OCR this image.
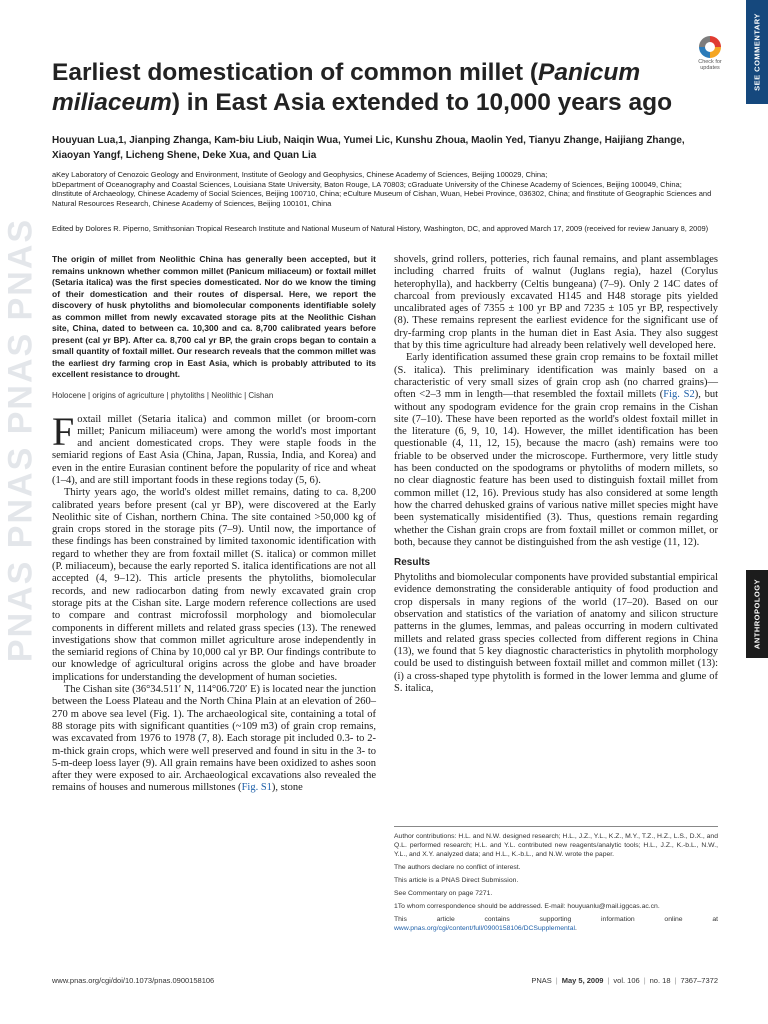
PNAS PNAS PNAS PNAS
SEE COMMENTARY
ANTHROPOLOGY
Check for
updates
Earliest domestication of common millet (Panicum miliaceum) in East Asia extended to 10,000 years ago
Houyuan Lua,1, Jianping Zhanga, Kam-biu Liub, Naiqin Wua, Yumei Lic, Kunshu Zhoua, Maolin Yed, Tianyu Zhange, Haijiang Zhange, Xiaoyan Yangf, Licheng Shene, Deke Xua, and Quan Lia
aKey Laboratory of Cenozoic Geology and Environment, Institute of Geology and Geophysics, Chinese Academy of Sciences, Beijing 100029, China;
bDepartment of Oceanography and Coastal Sciences, Louisiana State University, Baton Rouge, LA 70803; cGraduate University of the Chinese Academy of Sciences, Beijing 100049, China; dInstitute of Archaeology, Chinese Academy of Social Sciences, Beijing 100710, China; eCulture Museum of Cishan, Wuan, Hebei Province, 036302, China; and fInstitute of Geographic Sciences and Natural Resources Research, Chinese Academy of Sciences, Beijing 100101, China
Edited by Dolores R. Piperno, Smithsonian Tropical Research Institute and National Museum of Natural History, Washington, DC, and approved March 17, 2009 (received for review January 8, 2009)

The origin of millet from Neolithic China has generally been accepted, but it remains unknown whether common millet (Panicum miliaceum) or foxtail millet (Setaria italica) was the first species domesticated. Nor do we know the timing of their domestication and their routes of dispersal. Here, we report the discovery of husk phytoliths and biomolecular components identifiable solely as common millet from newly excavated storage pits at the Neolithic Cishan site, China, dated to between ca. 10,300 and ca. 8,700 calibrated years before present (cal yr BP). After ca. 8,700 cal yr BP, the grain crops began to contain a small quantity of foxtail millet. Our research reveals that the common millet was the earliest dry farming crop in East Asia, which is probably attributed to its excellent resistance to drought.

Holocene | origins of agriculture | phytoliths | Neolithic | Cishan

Foxtail millet (Setaria italica) and common millet (or broom-corn millet; Panicum miliaceum) were among the world's most important and ancient domesticated crops. They were staple foods in the semiarid regions of East Asia (China, Japan, Russia, India, and Korea) and even in the entire Eurasian continent before the popularity of rice and wheat (1–4), and are still important foods in these regions today (5, 6).

Thirty years ago, the world's oldest millet remains, dating to ca. 8,200 calibrated years before present (cal yr BP), were discovered at the Early Neolithic site of Cishan, northern China. The site contained >50,000 kg of grain crops stored in the storage pits (7–9). Until now, the importance of these findings has been constrained by limited taxonomic identification with regard to whether they are from foxtail millet (S. italica) or common millet (P. miliaceum), because the early reported S. italica identifications are not all accepted (4, 9–12). This article presents the phytoliths, biomolecular records, and new radiocarbon dating from newly excavated grain crop storage pits at the Cishan site. Large modern reference collections are used to compare and contrast microfossil morphology and biomolecular components in different millets and related grass species (13). The renewed investigations show that common millet agriculture arose independently in the semiarid regions of China by 10,000 cal yr BP. Our findings contribute to our knowledge of agricultural origins across the globe and have broader implications for understanding the development of human societies.

The Cishan site (36°34.511′ N, 114°06.720′ E) is located near the junction between the Loess Plateau and the North China Plain at an elevation of 260–270 m above sea level (Fig. 1). The archaeological site, containing a total of 88 storage pits with significant quantities (~109 m3) of grain crop remains, was excavated from 1976 to 1978 (7, 8). Each storage pit included 0.3- to 2-m-thick grain crops, which were well preserved and found in situ in the 3- to 5-m-deep loess layer (9). All grain remains have been oxidized to ashes soon after they were exposed to air. Archaeological excavations also revealed the remains of houses and numerous millstones (Fig. S1), stone

shovels, grind rollers, potteries, rich faunal remains, and plant assemblages including charred fruits of walnut (Juglans regia), hazel (Corylus heterophylla), and hackberry (Celtis bungeana) (7–9). Only 2 14C dates of charcoal from previously excavated H145 and H48 storage pits yielded uncalibrated ages of 7355 ± 100 yr BP and 7235 ± 105 yr BP, respectively (8). These remains represent the earliest evidence for the significant use of dry-farming crop plants in the human diet in East Asia. They also suggest that by this time agriculture had already been relatively well developed here.

Early identification assumed these grain crop remains to be foxtail millet (S. italica). This preliminary identification was mainly based on a characteristic of very small sizes of grain crop ash (no charred grains)—often <2–3 mm in length—that resembled the foxtail millets (Fig. S2), but without any spodogram evidence for the grain crop remains in the Cishan site (7–10). These have been reported as the world's oldest foxtail millet in the literature (6, 9, 10, 14). However, the millet identification has been questionable (4, 11, 12, 15), because the macro (ash) remains were too friable to be observed under the microscope. Furthermore, very little study has been conducted on the spodograms or phytoliths of modern millets, so no clear diagnostic feature has been used to distinguish foxtail millet from common millet (12, 16). Previous study has also considered at some length how the charred dehusked grains of various native millet species might have been systematically misidentified (3). Thus, questions remain regarding whether the Cishan grain crops are from foxtail millet or common millet, or both, because they cannot be distinguished from the ash vestige (11, 12).

Results

Phytoliths and biomolecular components have provided substantial empirical evidence demonstrating the considerable antiquity of food production and crop dispersals in many regions of the world (17–20). Based on our observation and statistics of the variation of anatomy and silicon structure patterns in the glumes, lemmas, and paleas occurring in modern cultivated millets and related grass species collected from different regions in China (13), we found that 5 key diagnostic characteristics in phytolith morphology could be used to distinguish between foxtail millet and common millet (13): (i) a cross-shaped type phytolith is formed in the lower lemma and glume of S. italica,

Author contributions: H.L. and N.W. designed research; H.L., J.Z., Y.L., K.Z., M.Y., T.Z., H.Z., L.S., D.X., and Q.L. performed research; H.L. and Y.L. contributed new reagents/analytic tools; H.L., J.Z., K.-b.L., N.W., Y.L., and X.Y. analyzed data; and H.L., K.-b.L., and N.W. wrote the paper.

The authors declare no conflict of interest.

This article is a PNAS Direct Submission.

See Commentary on page 7271.

1To whom correspondence should be addressed. E-mail: houyuanlu@mail.iggcas.ac.cn.

This article contains supporting information online at www.pnas.org/cgi/content/full/0900158106/DCSupplemental.

www.pnas.org/cgi/doi/10.1073/pnas.0900158106	PNAS | May 5, 2009 | vol. 106 | no. 18 | 7367–7372
